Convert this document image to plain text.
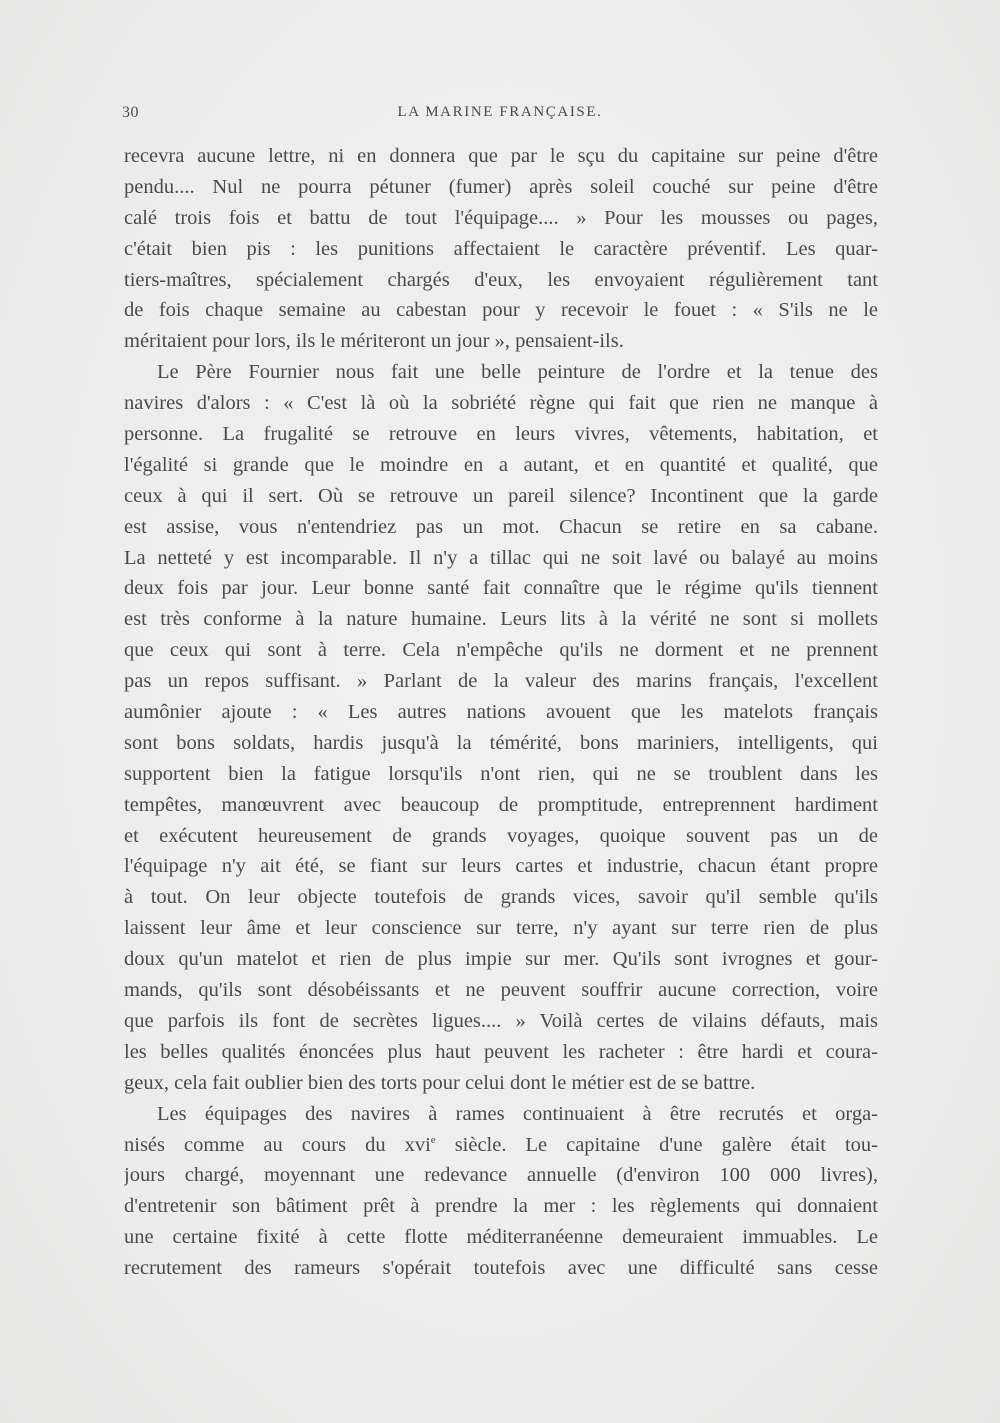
30	LA MARINE FRANÇAISE.
recevra aucune lettre, ni en donnera que par le sçu du capitaine sur peine d'être
pendu.... Nul ne pourra pétuner (fumer) après soleil couché sur peine d'être
calé trois fois et battu de tout l'équipage.... » Pour les mousses ou pages,
c'était bien pis : les punitions affectaient le caractère préventif. Les quar-
tiers-maîtres, spécialement chargés d'eux, les envoyaient régulièrement tant
de fois chaque semaine au cabestan pour y recevoir le fouet : « S'ils ne le
méritaient pour lors, ils le mériteront un jour », pensaient-ils.
Le Père Fournier nous fait une belle peinture de l'ordre et la tenue des
navires d'alors : « C'est là où la sobriété règne qui fait que rien ne manque à
personne. La frugalité se retrouve en leurs vivres, vêtements, habitation, et
l'égalité si grande que le moindre en a autant, et en quantité et qualité, que
ceux à qui il sert. Où se retrouve un pareil silence? Incontinent que la garde
est assise, vous n'entendriez pas un mot. Chacun se retire en sa cabane.
La netteté y est incomparable. Il n'y a tillac qui ne soit lavé ou balayé au moins
deux fois par jour. Leur bonne santé fait connaître que le régime qu'ils tiennent
est très conforme à la nature humaine. Leurs lits à la vérité ne sont si mollets
que ceux qui sont à terre. Cela n'empêche qu'ils ne dorment et ne prennent
pas un repos suffisant. » Parlant de la valeur des marins français, l'excellent
aumônier ajoute : « Les autres nations avouent que les matelots français
sont bons soldats, hardis jusqu'à la témérité, bons mariniers, intelligents, qui
supportent bien la fatigue lorsqu'ils n'ont rien, qui ne se troublent dans les
tempêtes, manœuvrent avec beaucoup de promptitude, entreprennent hardiment
et exécutent heureusement de grands voyages, quoique souvent pas un de
l'équipage n'y ait été, se fiant sur leurs cartes et industrie, chacun étant propre
à tout. On leur objecte toutefois de grands vices, savoir qu'il semble qu'ils
laissent leur âme et leur conscience sur terre, n'y ayant sur terre rien de plus
doux qu'un matelot et rien de plus impie sur mer. Qu'ils sont ivrognes et gour-
mands, qu'ils sont désobéissants et ne peuvent souffrir aucune correction, voire
que parfois ils font de secrètes ligues.... » Voilà certes de vilains défauts, mais
les belles qualités énoncées plus haut peuvent les racheter : être hardi et coura-
geux, cela fait oublier bien des torts pour celui dont le métier est de se battre.
Les équipages des navires à rames continuaient à être recrutés et orga-
nisés comme au cours du xvi$^e$ siècle. Le capitaine d'une galère était tou-
jours chargé, moyennant une redevance annuelle (d'environ 100 000 livres),
d'entretenir son bâtiment prêt à prendre la mer : les règlements qui donnaient
une certaine fixité à cette flotte méditerranéenne demeuraient immuables. Le
recrutement des rameurs s'opérait toutefois avec une difficulté sans cesse
